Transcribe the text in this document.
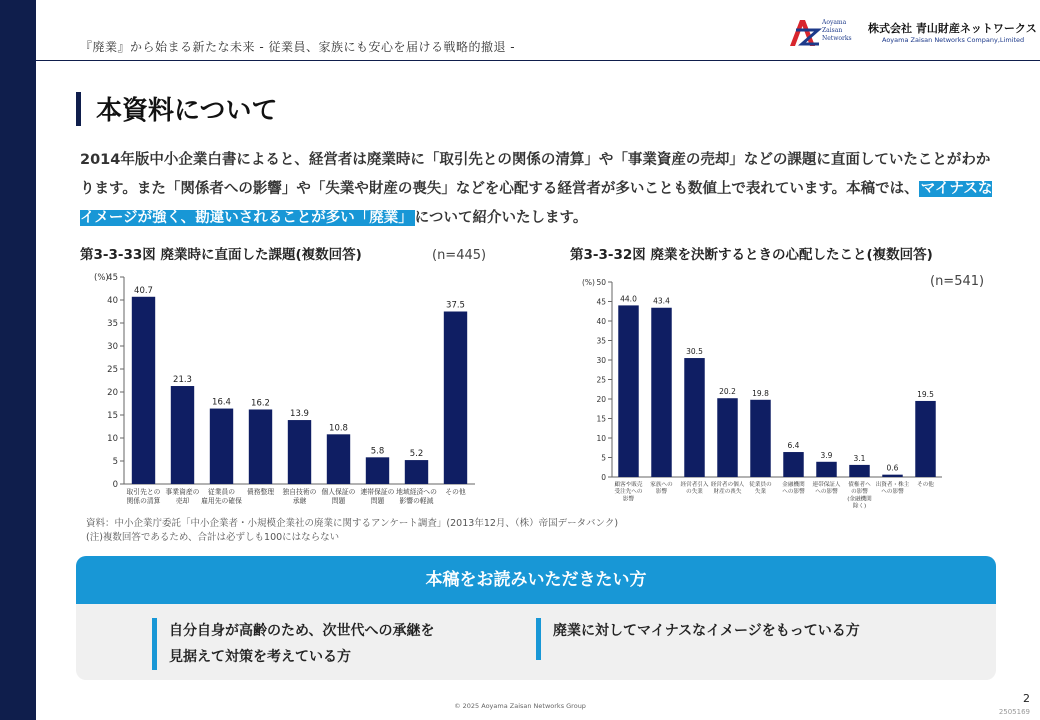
『廃業』から始まる新たな未来 - 従業員、家族にも安心を届ける戦略的撤退 -
Aoyama
Zaisan
Networks
株式会社 青山財産ネットワークス
Aoyama Zaisan Networks Company,Limited
本資料について
2014年版中小企業白書によると、経営者は廃業時に「取引先との関係の清算」や「事業資産の売却」などの課題に直面していたことがわかります。また「関係者への影響」や「失業や財産の喪失」などを心配する経営者が多いことも数値上で表れています。本稿では、 マイナスなイメージが強く、勘違いされることが多い「廃業」 について紹介いたします。
第3-3-33図 廃業時に直面した課題(複数回答)	(n=445)
(%)
0
5
10
15
20
25
30
35
40
45
40.7
取引先との
関係の清算
21.3
事業資産の
売却
16.4
従業員の
雇用先の確保
16.2
債務整理
13.9
独自技術の
承継
10.8
個人保証の
問題
5.8
連帯保証の
問題
5.2
地域経済への
影響の軽減
37.5
その他
第3-3-32図 廃業を決断するときの心配したこと(複数回答)
(n=541)
(%)
0
5
10
15
20
25
30
35
40
45
50
44.0
顧客や販売
受注先への
影響
43.4
家族への
影響
30.5
経営者引入
の失業
20.2
経営者の個人
財産の喪失
19.8
従業員の
失業
6.4
金融機関
への影響
3.9
連帯保証人
への影響
3.1
債権者へ
の影響
(金融機関
除く)
0.6
出資者・株主
への影響
19.5
その他
資料：中小企業庁委託「中小企業者・小規模企業社の廃業に関するアンケート調査」(2013年12月、（株）帝国データバンク)
(注)複数回答であるため、合計は必ずしも100にはならない
本稿をお読みいただきたい方
自分自身が高齢のため、次世代への承継を
見据えて対策を考えている方
廃業に対してマイナスなイメージをもっている方
© 2025 Aoyama Zaisan Networks Group
2
2505169
